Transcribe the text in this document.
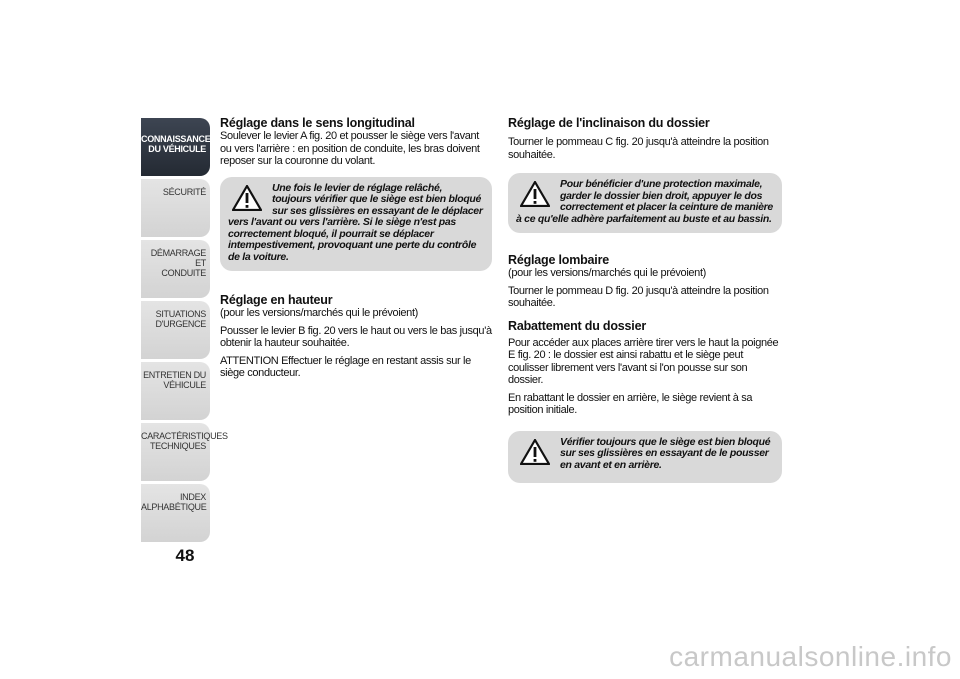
CONNAISSANCE
DU VÉHICULE
SÉCURITÉ
DÉMARRAGE ET
CONDUITE
SITUATIONS
D'URGENCE
ENTRETIEN DU
VÉHICULE
CARACTÉRISTIQUES
TECHNIQUES
INDEX
ALPHABÉTIQUE
48
Réglage dans le sens longitudinal

Soulever le levier A fig. 20 et pousser le siège vers l'avant ou vers l'arrière : en position de conduite, les bras doivent reposer sur la couronne du volant.

Une fois le levier de réglage relâché, toujours vérifier que le siège est bien bloqué sur ses glissières en essayant de le déplacer vers l'avant ou vers l'arrière. Si le siège n'est pas correctement bloqué, il pourrait se déplacer intempestivement, provoquant une perte du contrôle de la voiture.
Réglage en hauteur

(pour les versions/marchés qui le prévoient)

Pousser le levier B fig. 20 vers le haut ou vers le bas jusqu'à obtenir la hauteur souhaitée.

ATTENTION Effectuer le réglage en restant assis sur le siège conducteur.

Réglage de l'inclinaison du dossier

Tourner le pommeau C fig. 20 jusqu'à atteindre la position souhaitée.

Pour bénéficier d'une protection maximale, garder le dossier bien droit, appuyer le dos correctement et placer la ceinture de manière à ce qu'elle adhère parfaitement au buste et au bassin.
Réglage lombaire

(pour les versions/marchés qui le prévoient)

Tourner le pommeau D fig. 20 jusqu'à atteindre la position souhaitée.

Rabattement du dossier

Pour accéder aux places arrière tirer vers le haut la poignée E fig. 20 : le dossier est ainsi rabattu et le siège peut coulisser librement vers l'avant si l'on pousse sur son dossier.

En rabattant le dossier en arrière, le siège revient à sa position initiale.

Vérifier toujours que le siège est bien bloqué sur ses glissières en essayant de le pousser en avant et en arrière.
carmanualsonline.info
